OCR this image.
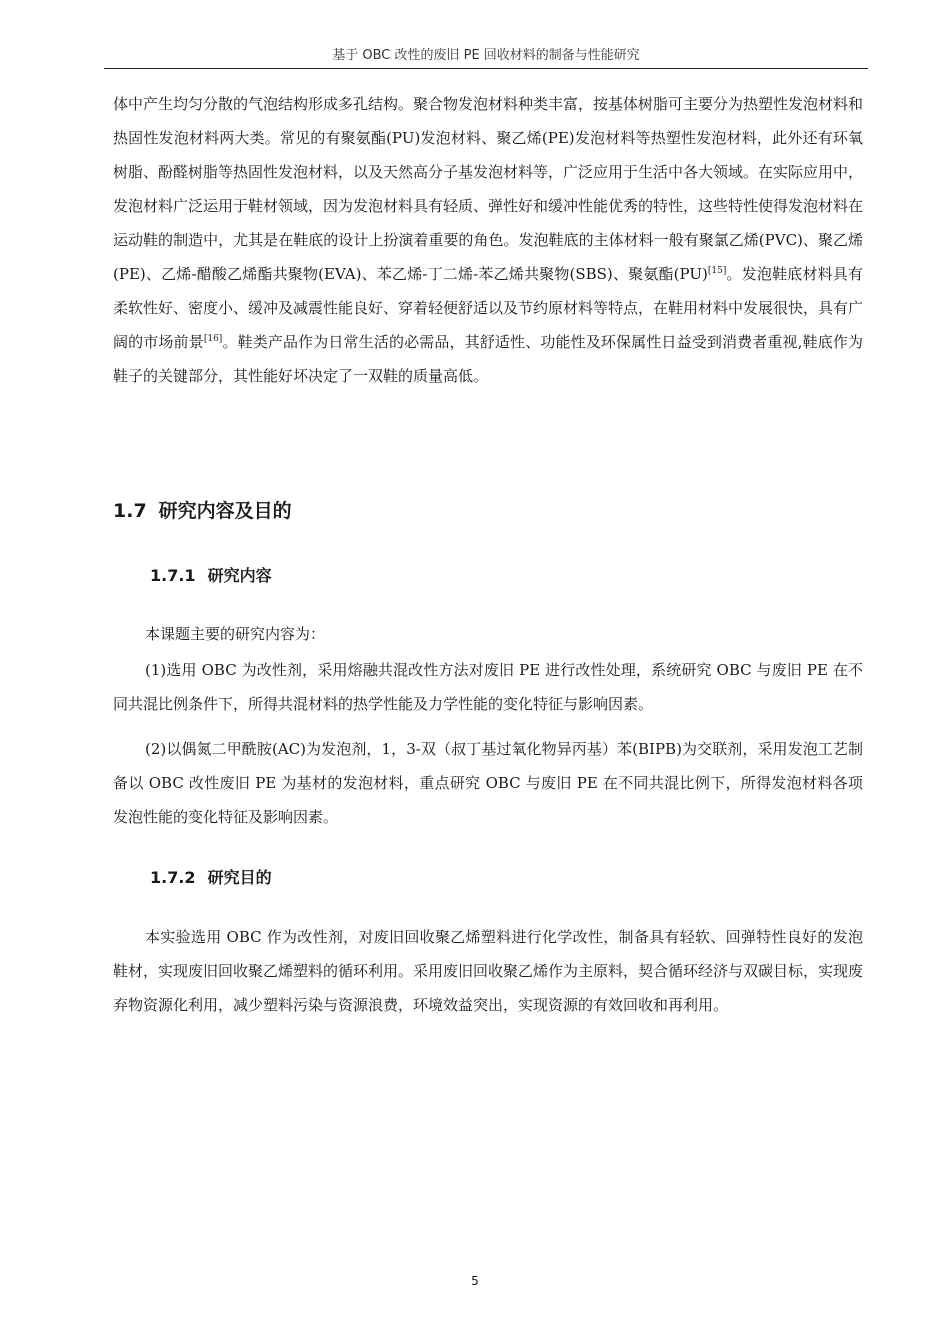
基于 OBC 改性的废旧 PE 回收材料的制备与性能研究

体中产生均匀分散的气泡结构形成多孔结构。聚合物发泡材料种类丰富，按基体树脂可主要分为热塑性发泡材料和热固性发泡材料两大类。常见的有聚氨酯(PU)发泡材料、聚乙烯(PE)发泡材料等热塑性发泡材料，此外还有环氧树脂、酚醛树脂等热固性发泡材料，以及天然高分子基发泡材料等，广泛应用于生活中各大领域。在实际应用中，发泡材料广泛运用于鞋材领域，因为发泡材料具有轻质、弹性好和缓冲性能优秀的特性，这些特性使得发泡材料在运动鞋的制造中，尤其是在鞋底的设计上扮演着重要的角色。发泡鞋底的主体材料一般有聚氯乙烯(PVC)、聚乙烯(PE)、乙烯-醋酸乙烯酯共聚物(EVA)、苯乙烯-丁二烯-苯乙烯共聚物(SBS)、聚氨酯(PU)[15]。发泡鞋底材料具有柔软性好、密度小、缓冲及减震性能良好、穿着轻便舒适以及节约原材料等特点，在鞋用材料中发展很快，具有广阔的市场前景[16]。鞋类产品作为日常生活的必需品，其舒适性、功能性及环保属性日益受到消费者重视,鞋底作为鞋子的关键部分，其性能好坏决定了一双鞋的质量高低。

1.7 研究内容及目的
1.7.1 研究内容

本课题主要的研究内容为：

(1)选用 OBC 为改性剂，采用熔融共混改性方法对废旧 PE 进行改性处理，系统研究 OBC 与废旧 PE 在不同共混比例条件下，所得共混材料的热学性能及力学性能的变化特征与影响因素。

(2)以偶氮二甲酰胺(AC)为发泡剂，1，3-双（叔丁基过氧化物异丙基）苯(BIPB)为交联剂，采用发泡工艺制备以 OBC 改性废旧 PE 为基材的发泡材料，重点研究 OBC 与废旧 PE 在不同共混比例下，所得发泡材料各项发泡性能的变化特征及影响因素。

1.7.2 研究目的

本实验选用 OBC 作为改性剂，对废旧回收聚乙烯塑料进行化学改性，制备具有轻软、回弹特性良好的发泡鞋材，实现废旧回收聚乙烯塑料的循环利用。采用废旧回收聚乙烯作为主原料，契合循环经济与双碳目标，实现废弃物资源化利用，减少塑料污染与资源浪费，环境效益突出，实现资源的有效回收和再利用。

5
